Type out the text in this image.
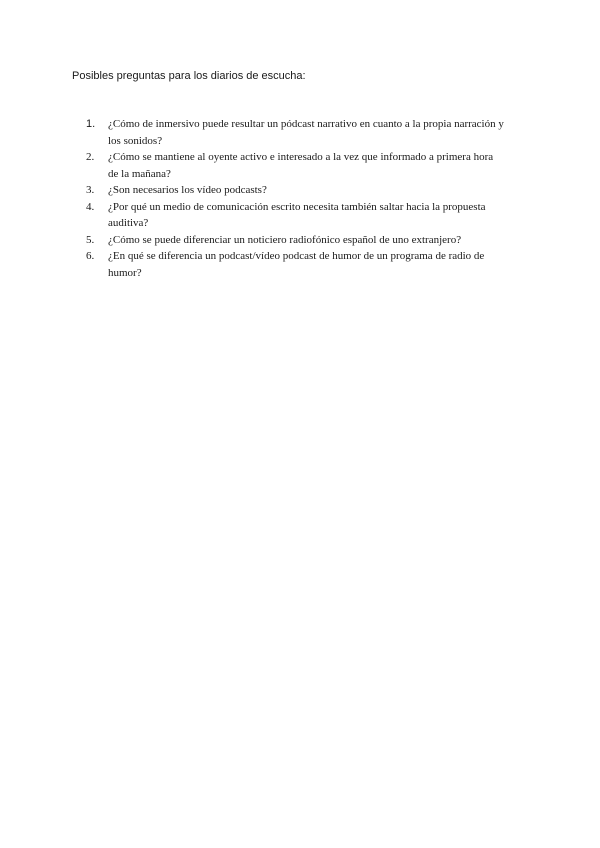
Posibles preguntas para los diarios de escucha:
1.	¿Cómo de inmersivo puede resultar un pódcast narrativo en cuanto a la propia narración y los sonidos?
2.	¿Cómo se mantiene al oyente activo e interesado a la vez que informado a primera hora de la mañana?
3.	¿Son necesarios los vídeo podcasts?
4.	¿Por qué un medio de comunicación escrito necesita también saltar hacia la propuesta auditiva?
5.	¿Cómo se puede diferenciar un noticiero radiofónico español de uno extranjero?
6.	¿En qué se diferencia un podcast/vídeo podcast de humor de un programa de radio de humor?
